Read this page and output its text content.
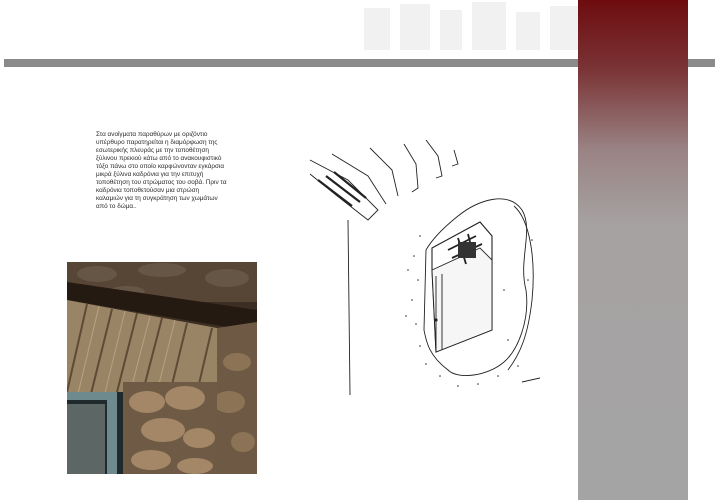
Στα ανοίγματα παραθύρων με οριζόντιο
υπέρθυρο παρατηρείται η διαμόρφωση της
εσωτερικής πλευράς με την τοποθέτηση
ξύλινου πρεκιού κάτω από το ανακουφιστικό
τόξο πάνω στο οποίο καρφώνονταν εγκάρσια
μικρά ξύλινα καδρόνια για την επιτυχή
τοποθέτηση του στρώματος του σοβά. Πριν τα
καδρόνια τοποθετούσαν μια στρώση
καλαμιών για τη συγκράτηση των χωμάτων
από το δώμα..
